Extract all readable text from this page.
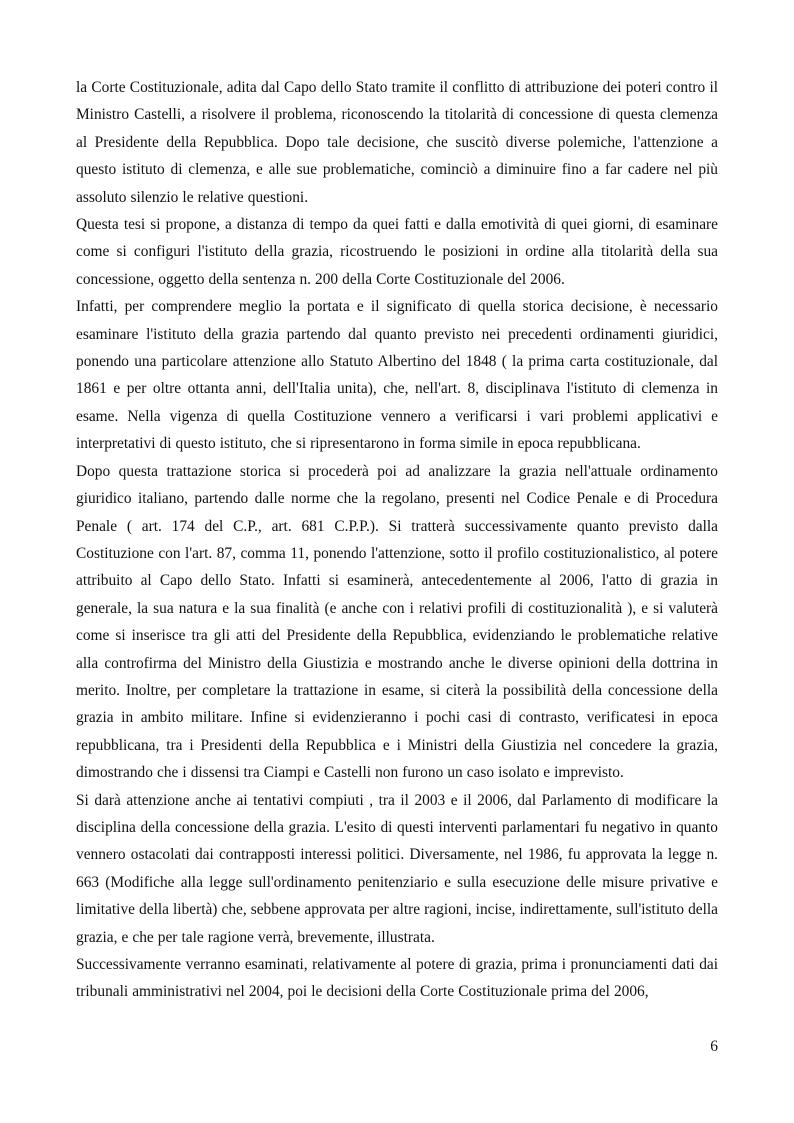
la Corte Costituzionale, adita dal Capo dello Stato tramite il conflitto di attribuzione dei poteri contro il Ministro Castelli, a risolvere il problema, riconoscendo la titolarità di concessione di questa clemenza al Presidente della Repubblica. Dopo tale decisione, che suscitò diverse polemiche, l'attenzione a questo istituto di clemenza, e alle sue problematiche, cominciò a diminuire fino a far cadere nel più assoluto silenzio le relative questioni.

Questa tesi si propone, a distanza di tempo da quei fatti e dalla emotività di quei giorni, di esaminare come si configuri l'istituto della grazia, ricostruendo le posizioni in ordine alla titolarità della sua concessione, oggetto della sentenza n. 200 della Corte Costituzionale del 2006.

Infatti, per comprendere meglio la portata e il significato di quella storica decisione, è necessario esaminare l'istituto della grazia partendo dal quanto previsto nei precedenti ordinamenti giuridici, ponendo una particolare attenzione allo Statuto Albertino del 1848 ( la prima carta costituzionale, dal 1861 e per oltre ottanta anni, dell'Italia unita), che, nell'art. 8, disciplinava l'istituto di clemenza in esame. Nella vigenza di quella Costituzione vennero a verificarsi i vari problemi applicativi e interpretativi di questo istituto, che si ripresentarono in forma simile in epoca repubblicana.

Dopo questa trattazione storica si procederà poi ad analizzare la grazia nell'attuale ordinamento giuridico italiano, partendo dalle norme che la regolano, presenti nel Codice Penale e di Procedura Penale ( art. 174 del C.P., art. 681 C.P.P.). Si tratterà successivamente quanto previsto dalla Costituzione con l'art. 87, comma 11, ponendo l'attenzione, sotto il profilo costituzionalistico, al potere attribuito al Capo dello Stato. Infatti si esaminerà, antecedentemente al 2006, l'atto di grazia in generale, la sua natura e la sua finalità (e anche con i relativi profili di costituzionalità ), e si valuterà come si inserisce tra gli atti del Presidente della Repubblica, evidenziando le problematiche relative alla controfirma del Ministro della Giustizia e mostrando anche le diverse opinioni della dottrina in merito. Inoltre, per completare la trattazione in esame, si citerà la possibilità della concessione della grazia in ambito militare. Infine si evidenzieranno i pochi casi di contrasto, verificatesi in epoca repubblicana, tra i Presidenti della Repubblica e i Ministri della Giustizia nel concedere la grazia, dimostrando che i dissensi tra Ciampi e Castelli non furono un caso isolato e imprevisto.

Si darà attenzione anche ai tentativi compiuti , tra il 2003 e il 2006, dal Parlamento di modificare la disciplina della concessione della grazia. L'esito di questi interventi parlamentari fu negativo in quanto vennero ostacolati dai contrapposti interessi politici. Diversamente, nel 1986, fu approvata la legge n. 663 (Modifiche alla legge sull'ordinamento penitenziario e sulla esecuzione delle misure privative e limitative della libertà) che, sebbene approvata per altre ragioni, incise, indirettamente, sull'istituto della grazia, e che per tale ragione verrà, brevemente, illustrata.

Successivamente verranno esaminati, relativamente al potere di grazia, prima i pronunciamenti dati dai tribunali amministrativi nel 2004, poi le decisioni della Corte Costituzionale prima del 2006,

6
